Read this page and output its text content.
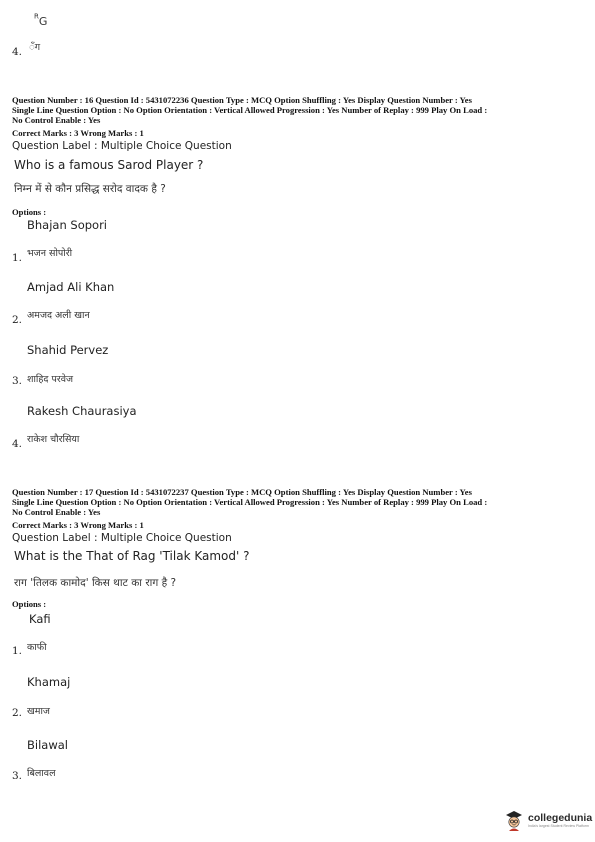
$^R$G
4. $^{ँग}$
Question Number : 16 Question Id : 5431072236 Question Type : MCQ Option Shuffling : Yes Display Question Number : Yes
Single Line Question Option : No Option Orientation : Vertical Allowed Progression : Yes Number of Replay : 999 Play On Load :
No Control Enable : Yes
Correct Marks : 3 Wrong Marks : 1
Question Label : Multiple Choice Question
Who is a famous Sarod Player ?
निम्न में से कौन प्रसिद्ध सरोद वादक है ?
Options :
Bhajan Sopori
1. भजन सोपोरी
Amjad Ali Khan
2. अमजद अली खान
Shahid Pervez
3. शाहिद परवेज
Rakesh Chaurasiya
4. राकेश चौरसिया
Question Number : 17 Question Id : 5431072237 Question Type : MCQ Option Shuffling : Yes Display Question Number : Yes
Single Line Question Option : No Option Orientation : Vertical Allowed Progression : Yes Number of Replay : 999 Play On Load :
No Control Enable : Yes
Correct Marks : 3 Wrong Marks : 1
Question Label : Multiple Choice Question
What is the That of Rag 'Tilak Kamod' ?
राग 'तिलक कामोद' किस थाट का राग है ?
Options :
Kafi
1. काफी
Khamaj
2. खमाज
Bilawal
3. बिलावल
collegedunia
India's largest Student Review Platform
